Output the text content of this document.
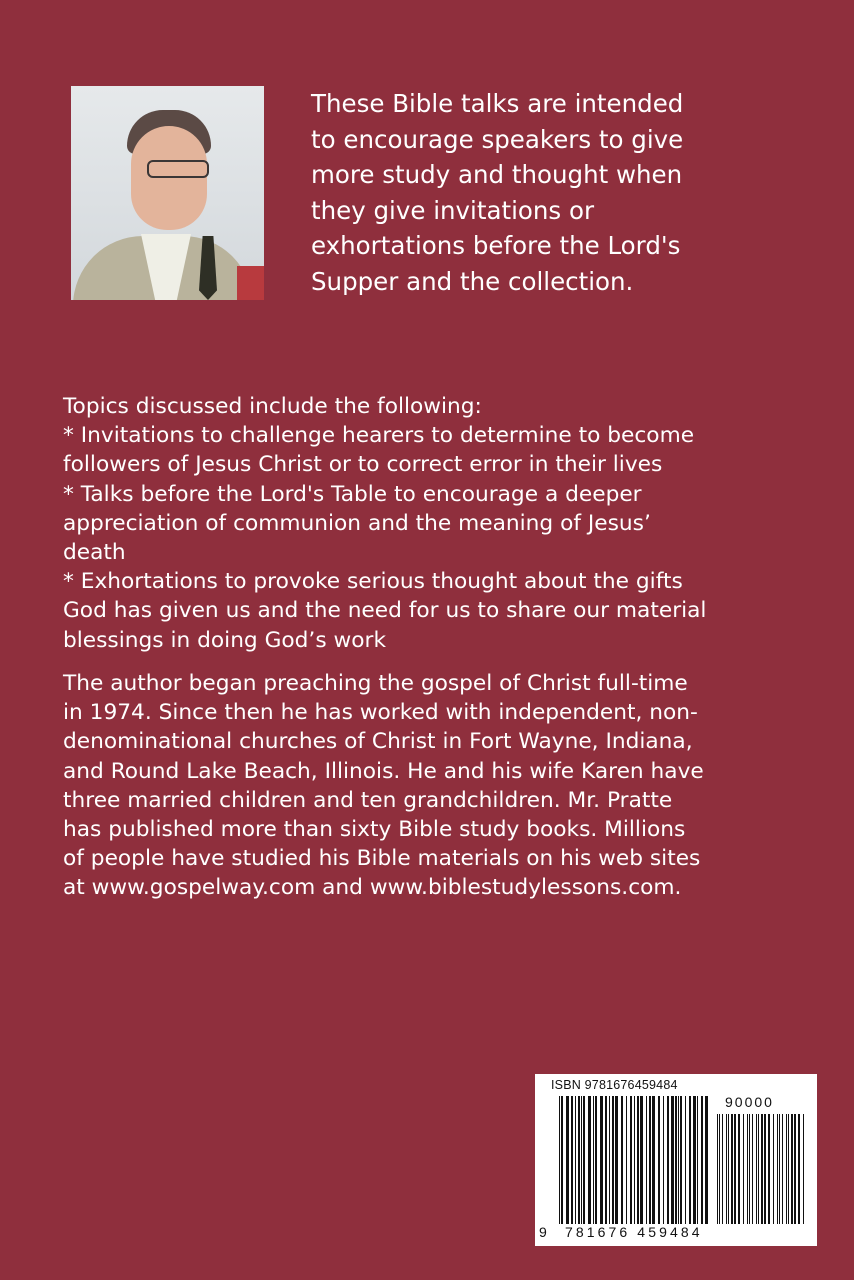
These Bible talks are intended
to encourage speakers to give
more study and thought when
they give invitations or
exhortations before the Lord's
Supper and the collection.

Topics discussed include the following:
* Invitations to challenge hearers to determine to become
followers of Jesus Christ or to correct error in their lives
* Talks before the Lord's Table to encourage a deeper
appreciation of communion and the meaning of Jesus’
death
* Exhortations to provoke serious thought about the gifts
God has given us and the need for us to share our material
blessings in doing God’s work

The author began preaching the gospel of Christ full-time
in 1974. Since then he has worked with independent, non-
denominational churches of Christ in Fort Wayne, Indiana,
and Round Lake Beach, Illinois. He and his wife Karen have
three married children and ten grandchildren. Mr. Pratte
has published more than sixty Bible study books. Millions
of people have studied his Bible materials on his web sites
at www.gospelway.com and www.biblestudylessons.com.

ISBN 9781676459484
90000
9 781676 459484
